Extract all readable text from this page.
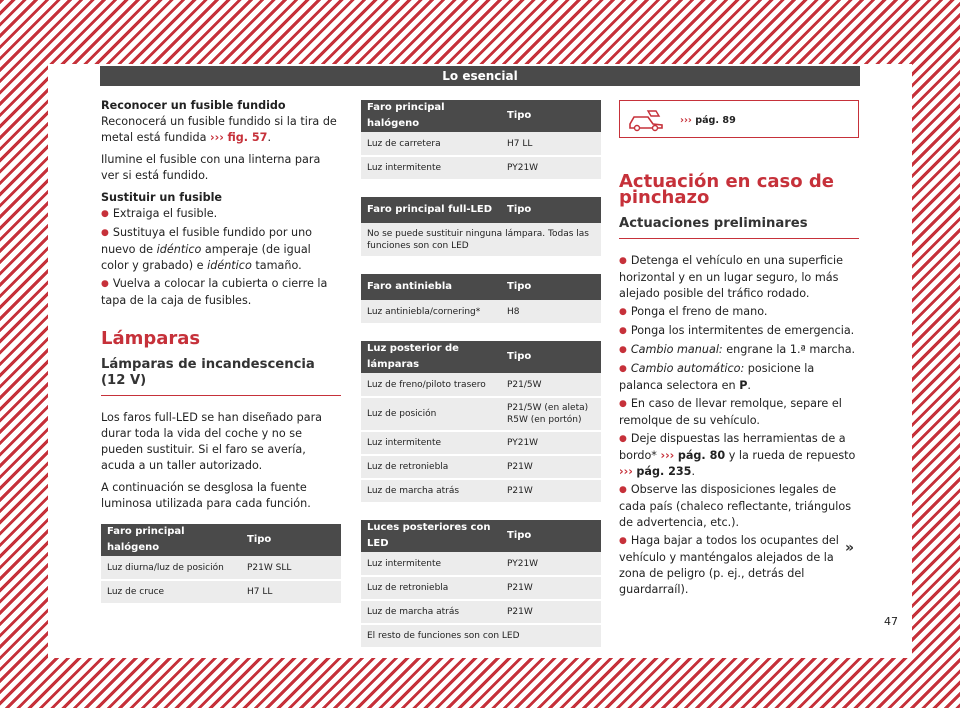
Lo esencial
Reconocer un fusible fundido

Reconocerá un fusible fundido si la tira de metal está fundida ››› fig. 57.

Ilumine el fusible con una linterna para ver si está fundido.

Sustituir un fusible
● Extraiga el fusible.
● Sustituya el fusible fundido por uno nuevo de idéntico amperaje (de igual color y grabado) e idéntico tamaño.
● Vuelva a colocar la cubierta o cierre la tapa de la caja de fusibles.
Lámparas
Lámparas de incandescencia (12 V)

Los faros full-LED se han diseñado para durar toda la vida del coche y no se pueden sustituir. Si el faro se avería, acuda a un taller autorizado.

A continuación se desglosa la fuente luminosa utilizada para cada función.

Faro principal halógeno	Tipo
Luz diurna/luz de posición	P21W SLL
Luz de cruce	H7 LL
Faro principal halógeno	Tipo
Luz de carretera	H7 LL
Luz intermitente	PY21W
Faro principal full-LED	Tipo
No se puede sustituir ninguna lámpara. Todas las funciones son con LED
Faro antiniebla	Tipo
Luz antiniebla/cornering*	H8
Luz posterior de lámparas	Tipo
Luz de freno/piloto trasero	P21/5W
Luz de posición	P21/5W (en aleta)
R5W (en portón)
Luz intermitente	PY21W
Luz de retroniebla	P21W
Luz de marcha atrás	P21W
Luces posteriores con LED	Tipo
Luz intermitente	PY21W
Luz de retroniebla	P21W
Luz de marcha atrás	P21W
El resto de funciones son con LED	
››› pág. 89
Actuación en caso de pinchazo
Actuaciones preliminares
● Detenga el vehículo en una superficie horizontal y en un lugar seguro, lo más alejado posible del tráfico rodado.
● Ponga el freno de mano.
● Ponga los intermitentes de emergencia.
● Cambio manual: engrane la 1.ª marcha.
● Cambio automático: posicione la palanca selectora en P.
● En caso de llevar remolque, separe el remolque de su vehículo.
● Deje dispuestas las herramientas de a bordo* ››› pág. 80 y la rueda de repuesto ››› pág. 235.
● Observe las disposiciones legales de cada país (chaleco reflectante, triángulos de advertencia, etc.).
● Haga bajar a todos los ocupantes del vehículo y manténgalos alejados de la zona de peligro (p. ej., detrás del guardarraíl).
»
47
